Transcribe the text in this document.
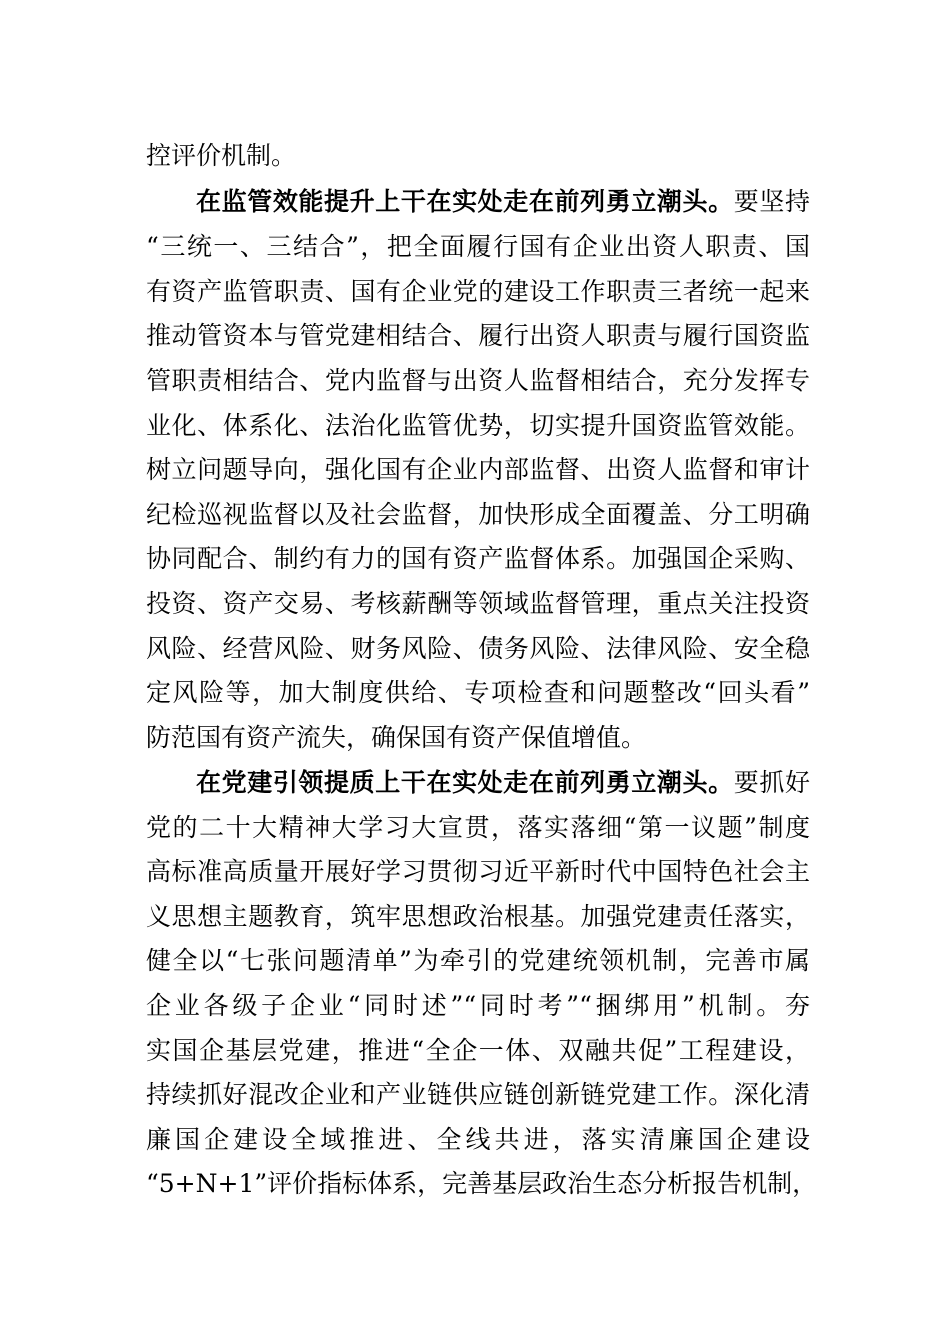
控评价机制。
在监管效能提升上干在实处走在前列勇立潮头。要坚持
“三统一、三结合”，把全面履行国有企业出资人职责、国
有资产监管职责、国有企业党的建设工作职责三者统一起来
推动管资本与管党建相结合、履行出资人职责与履行国资监
管职责相结合、党内监督与出资人监督相结合，充分发挥专
业化、体系化、法治化监管优势，切实提升国资监管效能。
树立问题导向，强化国有企业内部监督、出资人监督和审计
纪检巡视监督以及社会监督，加快形成全面覆盖、分工明确
协同配合、制约有力的国有资产监督体系。加强国企采购、
投资、资产交易、考核薪酬等领域监督管理，重点关注投资
风险、经营风险、财务风险、债务风险、法律风险、安全稳
定风险等，加大制度供给、专项检查和问题整改“回头看”
防范国有资产流失，确保国有资产保值增值。
在党建引领提质上干在实处走在前列勇立潮头。要抓好
党的二十大精神大学习大宣贯，落实落细“第一议题”制度
高标准高质量开展好学习贯彻习近平新时代中国特色社会主
义思想主题教育，筑牢思想政治根基。加强党建责任落实，
健全以“七张问题清单”为牵引的党建统领机制，完善市属
企业各级子企业“同时述”“同时考”“捆绑用”机制。夯
实国企基层党建，推进“全企一体、双融共促”工程建设，
持续抓好混改企业和产业链供应链创新链党建工作。深化清
廉国企建设全域推进、全线共进，落实清廉国企建设
“5+N+1”评价指标体系，完善基层政治生态分析报告机制，
